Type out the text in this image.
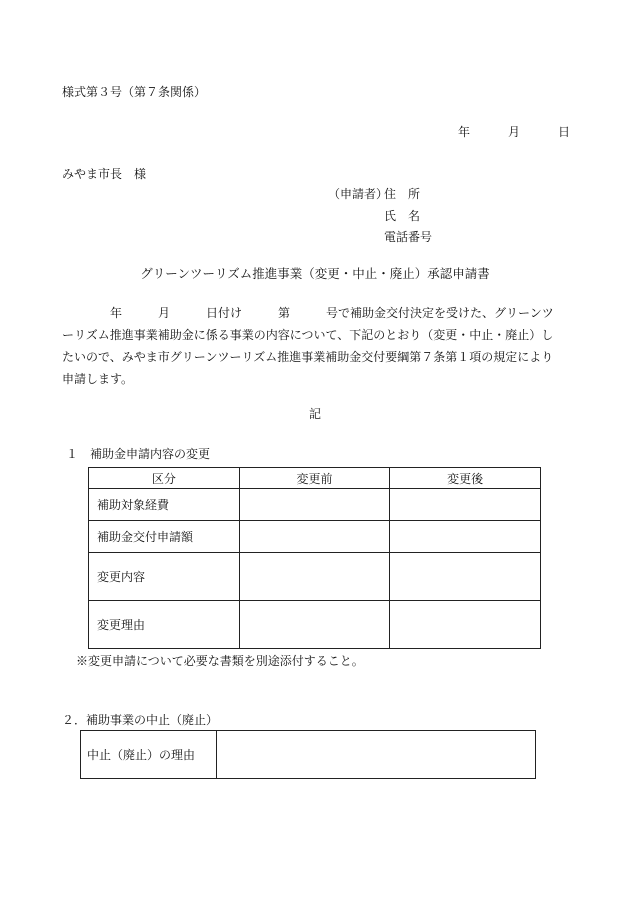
様式第３号（第７条関係）
年	月	日
みやま市長　様
（申請者）
住　所
氏　名
電話番号
グリーンツーリズム推進事業（変更・中止・廃止）承認申請書
　　　　年　　　月　　　日付け　　　第　　　号で補助金交付決定を受けた、グリーンツ
ーリズム推進事業補助金に係る事業の内容について、下記のとおり（変更・中止・廃止）し
たいので、みやま市グリーンツーリズム推進事業補助金交付要綱第７条第１項の規定により
申請します。
記
１　補助金申請内容の変更
区分	変更前	変更後
補助対象経費		
補助金交付申請額		
変更内容		
変更理由		
※変更申請について必要な書類を別途添付すること。
２．補助事業の中止（廃止）
中止（廃止）の理由	
